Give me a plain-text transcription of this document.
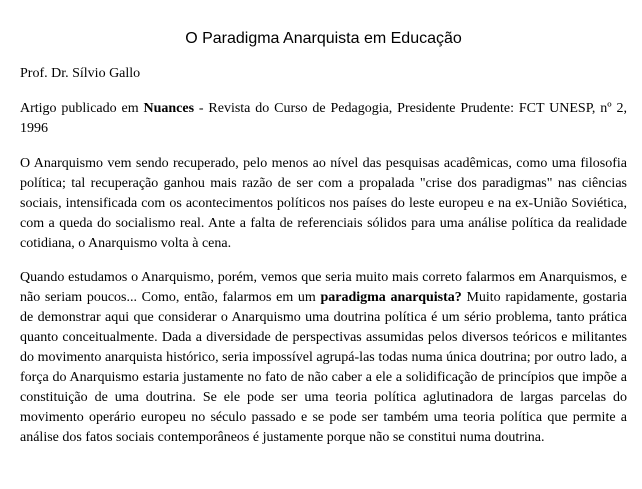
O Paradigma Anarquista em Educação

Prof. Dr. Sílvio Gallo

Artigo publicado em Nuances - Revista do Curso de Pedagogia, Presidente Prudente: FCT UNESP, nº 2, 1996

O Anarquismo vem sendo recuperado, pelo menos ao nível das pesquisas acadêmicas, como uma filosofia política; tal recuperação ganhou mais razão de ser com a propalada "crise dos paradigmas" nas ciências sociais, intensificada com os acontecimentos políticos nos países do leste europeu e na ex-União Soviética, com a queda do socialismo real. Ante a falta de referenciais sólidos para uma análise política da realidade cotidiana, o Anarquismo volta à cena.

Quando estudamos o Anarquismo, porém, vemos que seria muito mais correto falarmos em Anarquismos, e não seriam poucos... Como, então, falarmos em um paradigma anarquista? Muito rapidamente, gostaria de demonstrar aqui que considerar o Anarquismo uma doutrina política é um sério problema, tanto prática quanto conceitualmente. Dada a diversidade de perspectivas assumidas pelos diversos teóricos e militantes do movimento anarquista histórico, seria impossível agrupá-las todas numa única doutrina; por outro lado, a força do Anarquismo estaria justamente no fato de não caber a ele a solidificação de princípios que impõe a constituição de uma doutrina. Se ele pode ser uma teoria política aglutinadora de largas parcelas do movimento operário europeu no século passado e se pode ser também uma teoria política que permite a análise dos fatos sociais contemporâneos é justamente porque não se constitui numa doutrina.
